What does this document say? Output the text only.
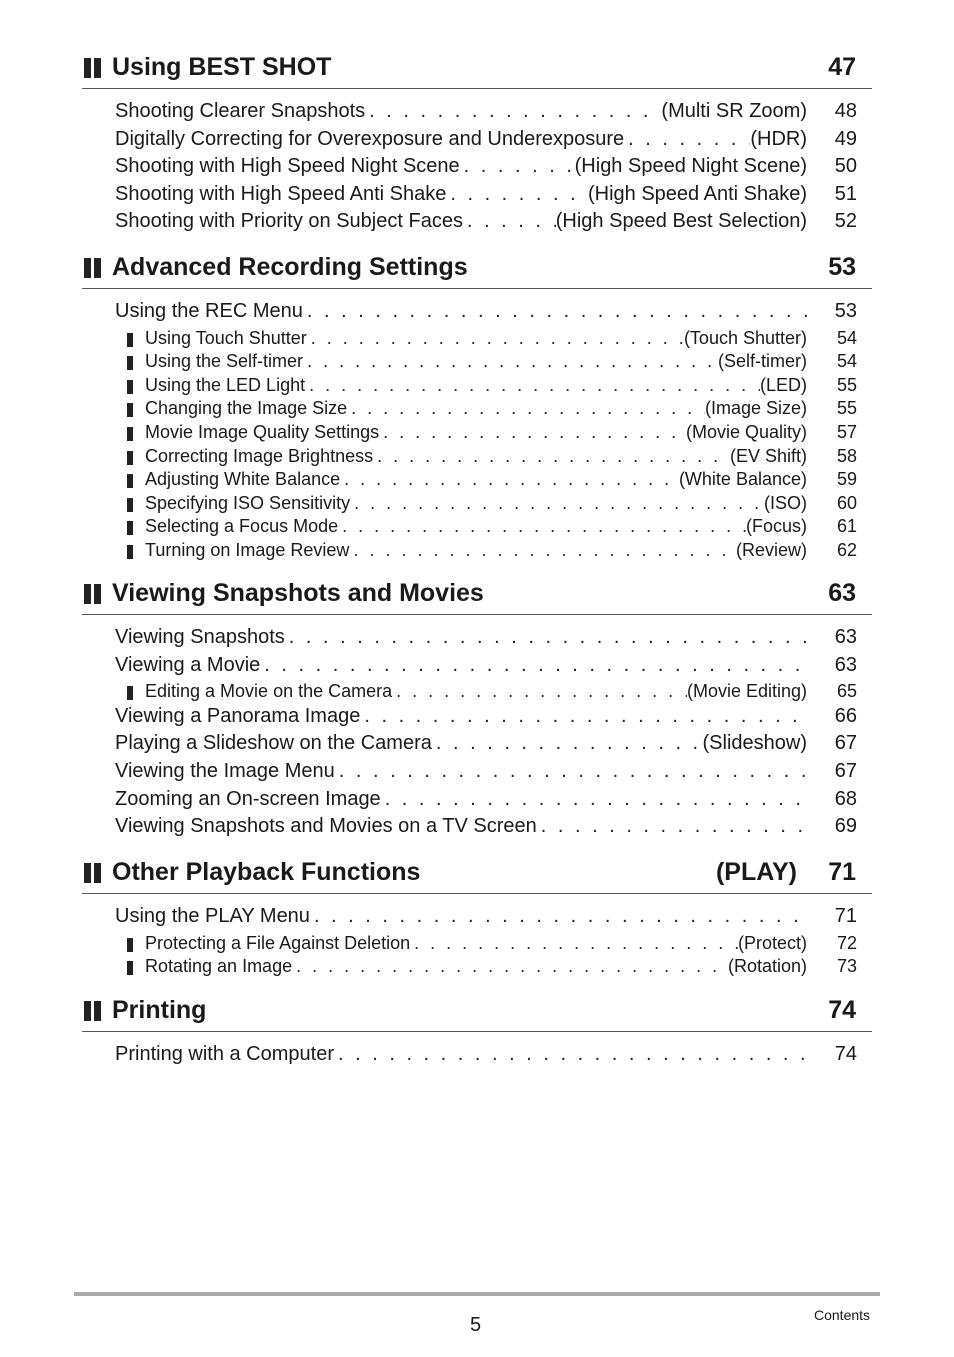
Using BEST SHOT	47
Shooting Clearer Snapshots . . .	(Multi SR Zoom)	48
Digitally Correcting for Overexposure and Underexposure . . .	(HDR)	49
Shooting with High Speed Night Scene . . .	(High Speed Night Scene)	50
Shooting with High Speed Anti Shake . . .	(High Speed Anti Shake)	51
Shooting with Priority on Subject Faces . . .	(High Speed Best Selection)	52
Advanced Recording Settings	53
Using the REC Menu . . .	53
Using Touch Shutter . . .	(Touch Shutter)	54
Using the Self-timer . . .	(Self-timer)	54
Using the LED Light . . .	(LED)	55
Changing the Image Size . . .	(Image Size)	55
Movie Image Quality Settings . . .	(Movie Quality)	57
Correcting Image Brightness . . .	(EV Shift)	58
Adjusting White Balance . . .	(White Balance)	59
Specifying ISO Sensitivity . . .	(ISO)	60
Selecting a Focus Mode . . .	(Focus)	61
Turning on Image Review . . .	(Review)	62
Viewing Snapshots and Movies	63
Viewing Snapshots . . .	63
Viewing a Movie . . .	63
Editing a Movie on the Camera . . .	(Movie Editing)	65
Viewing a Panorama Image . . .	66
Playing a Slideshow on the Camera . . .	(Slideshow)	67
Viewing the Image Menu . . .	67
Zooming an On-screen Image . . .	68
Viewing Snapshots and Movies on a TV Screen . . .	69
Other Playback Functions	(PLAY) 71
Using the PLAY Menu . . .	71
Protecting a File Against Deletion . . .	(Protect)	72
Rotating an Image . . .	(Rotation)	73
Printing	74
Printing with a Computer . . .	74
5	Contents
